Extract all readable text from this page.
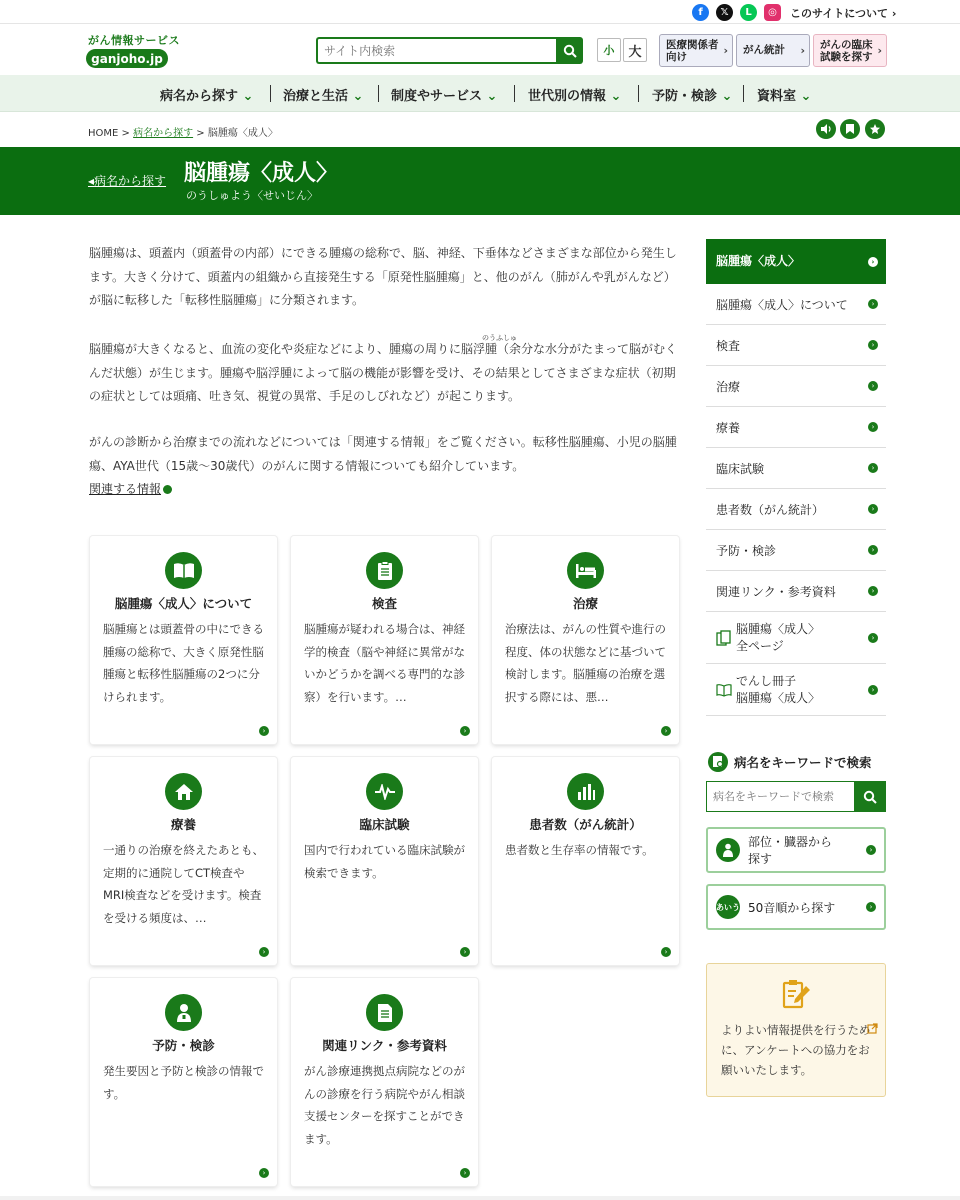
f	𝕏	L	◎	このサイトについて ›
がん情報サービス
ganjoho.jp
サイト内検索
小	大	医療関係者
向け	› がん統計	› がんの臨床
試験を探す ›
病名から探す ⌄ 治療と生活 ⌄ 制度やサービス ⌄ 世代別の情報 ⌄ 予防・検診 ⌄ 資料室 ⌄
HOME > 病名から探す > 脳腫瘍〈成人〉
◂病名から探す 脳腫瘍〈成人〉
のうしゅよう〈せいじん〉

脳腫瘍は、頭蓋内（頭蓋骨の内部）にできる腫瘍の総称で、脳、神経、下垂体などさまざまな部位から発生します。大きく分けて、頭蓋内の組織から直接発生する「原発性脳腫瘍」と、他のがん（肺がんや乳がんなど）が脳に転移した「転移性脳腫瘍」に分類されます。

のうふしゅ

脳腫瘍が大きくなると、血流の変化や炎症などにより、腫瘍の周りに脳浮腫（余分な水分がたまって脳がむくんだ状態）が生じます。腫瘍や脳浮腫によって脳の機能が影響を受け、その結果としてさまざまな症状（初期の症状としては頭痛、吐き気、視覚の異常、手足のしびれなど）が起こります。

がんの診断から治療までの流れなどについては「関連する情報」をご覧ください。転移性脳腫瘍、小児の脳腫瘍、AYA世代（15歳〜30歳代）のがんに関する情報についても紹介しています。

関連する情報
脳腫瘍〈成人〉について
脳腫瘍とは頭蓋骨の中にできる腫瘍の総称で、大きく原発性脳腫瘍と転移性脳腫瘍の2つに分けられます。
›
検査
脳腫瘍が疑われる場合は、神経学的検査（脳や神経に異常がないかどうかを調べる専門的な診察）を行います。…
›
治療
治療法は、がんの性質や進行の程度、体の状態などに基づいて検討します。脳腫瘍の治療を選択する際には、悪…
›
療養
一通りの治療を終えたあとも、定期的に通院してCT検査やMRI検査などを受けます。検査を受ける頻度は、…
›
臨床試験
国内で行われている臨床試験が検索できます。
›
患者数（がん統計）
患者数と生存率の情報です。
›
予防・検診
発生要因と予防と検診の情報です。
›
関連リンク・参考資料
がん診療連携拠点病院などのがんの診療を行う病院やがん相談支援センターを探すことができます。
›
脳腫瘍〈成人〉	›
脳腫瘍〈成人〉について	›
検査	›
治療	›
療養	›
臨床試験	›
患者数（がん統計）	›
予防・検診	›
関連リンク・参考資料	›
脳腫瘍〈成人〉
全ページ
›
でんし冊子
脳腫瘍〈成人〉
›
病名をキーワードで検索
病名をキーワードで検索
部位・臓器から
探す
›
あいう 50音順から探す	›

よりよい情報提供を行うために、アンケートへの協力をお願いいたします。
